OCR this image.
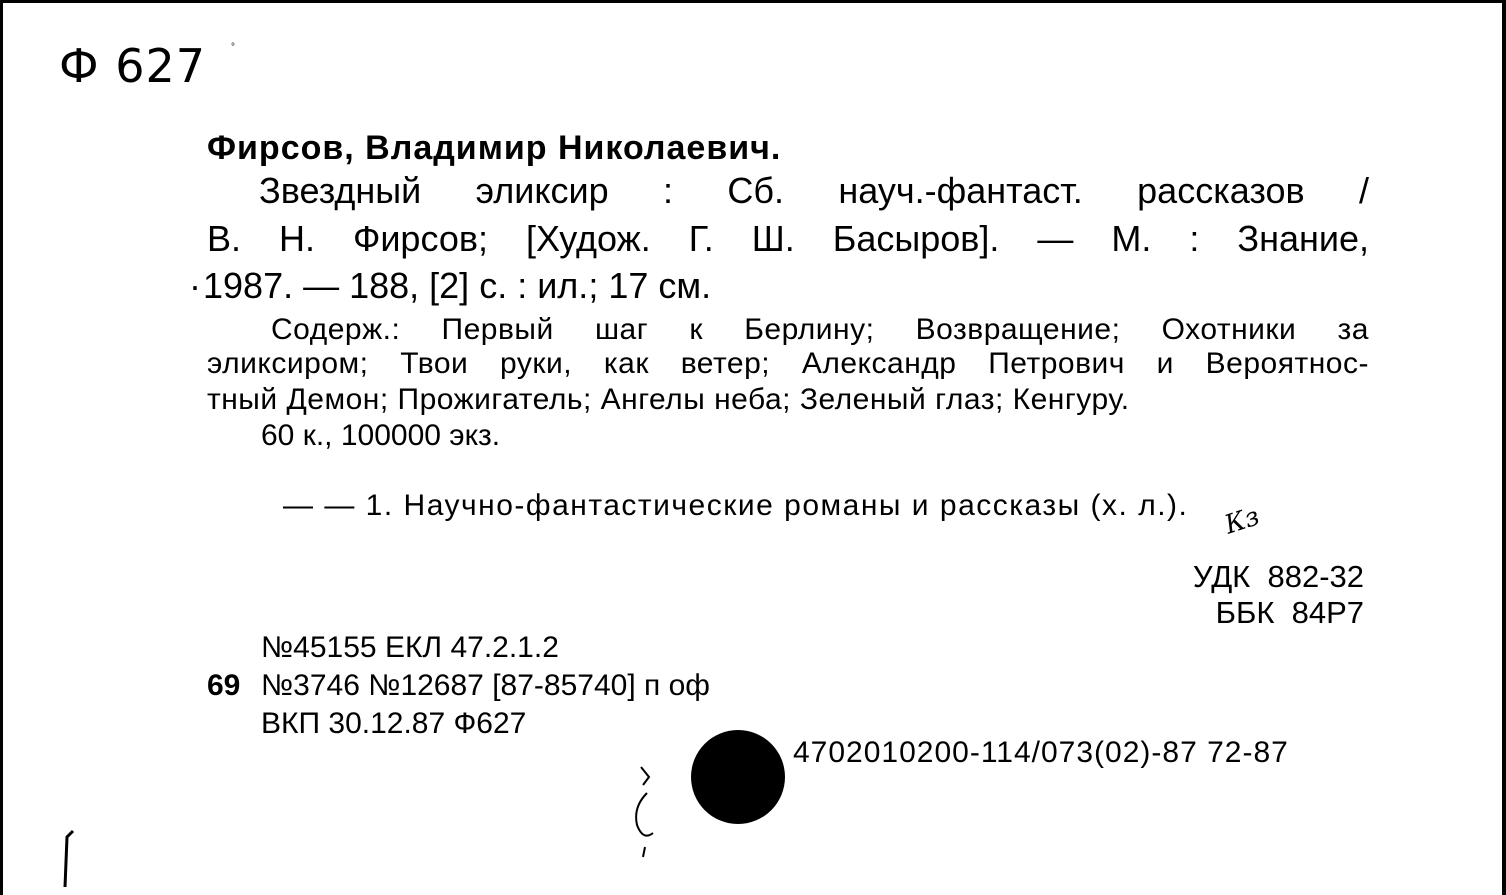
Ф 627 °
Фирсов, Владимир Николаевич.
Звездный эликсир : Сб. науч.-фантаст. рассказов /
В. Н. Фирсов; [Худож. Г. Ш. Басыров]. — М. : Знание,
· 1987. — 188, [2] с. : ил.; 17 см.
Содерж.: Первый шаг к Берлину; Возвращение; Охотники за
эликсиром; Твои руки, как ветер; Александр Петрович и Вероятнос-
тный Демон; Прожигатель; Ангелы неба; Зеленый глаз; Кенгуру.
60 к., 100000 экз.
— — 1. Научно-фантастические романы и рассказы (х. л.). Кз
УДК  882-32
ББК  84Р7
№45155 ЕКЛ 47.2.1.2
69 №3746 №12687 [87-85740] п оф
ВКП 30.12.87 Ф627
4702010200-114/073(02)-87 72-87
